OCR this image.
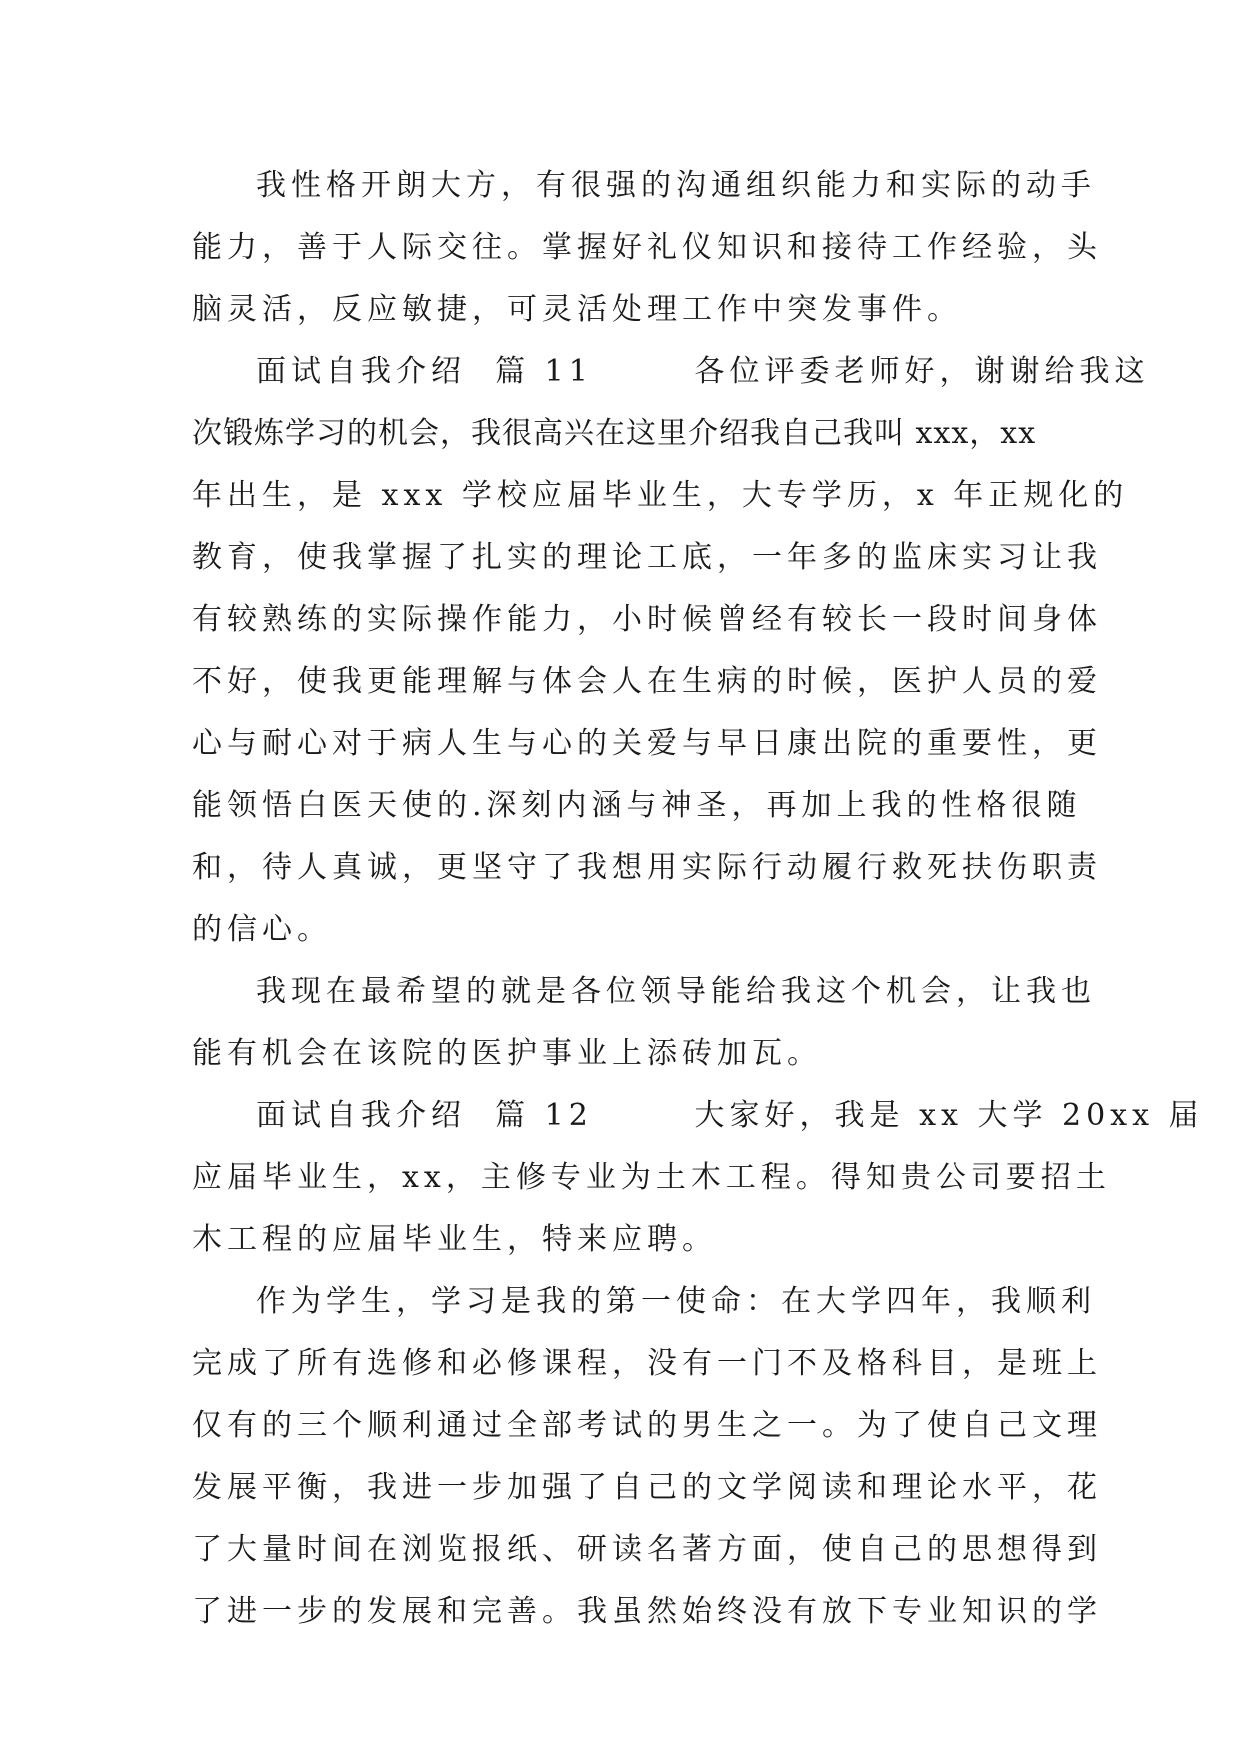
我性格开朗大方，有很强的沟通组织能力和实际的动手
能力，善于人际交往。掌握好礼仪知识和接待工作经验，头
脑灵活，反应敏捷，可灵活处理工作中突发事件。
面试自我介绍  篇 11       各位评委老师好，谢谢给我这
次锻炼学习的机会，我很高兴在这里介绍我自己我叫 xxx，xx
年出生，是 xxx 学校应届毕业生，大专学历，x 年正规化的
教育，使我掌握了扎实的理论工底，一年多的监床实习让我
有较熟练的实际操作能力，小时候曾经有较长一段时间身体
不好，使我更能理解与体会人在生病的时候，医护人员的爱
心与耐心对于病人生与心的关爱与早日康出院的重要性，更
能领悟白医天使的.深刻内涵与神圣，再加上我的性格很随
和，待人真诚，更坚守了我想用实际行动履行救死扶伤职责
的信心。
我现在最希望的就是各位领导能给我这个机会，让我也
能有机会在该院的医护事业上添砖加瓦。
面试自我介绍  篇 12       大家好，我是 xx 大学 20xx 届
应届毕业生，xx，主修专业为土木工程。得知贵公司要招土
木工程的应届毕业生，特来应聘。
作为学生，学习是我的第一使命：在大学四年，我顺利
完成了所有选修和必修课程，没有一门不及格科目，是班上
仅有的三个顺利通过全部考试的男生之一。为了使自己文理
发展平衡，我进一步加强了自己的文学阅读和理论水平，花
了大量时间在浏览报纸、研读名著方面，使自己的思想得到
了进一步的发展和完善。我虽然始终没有放下专业知识的学
